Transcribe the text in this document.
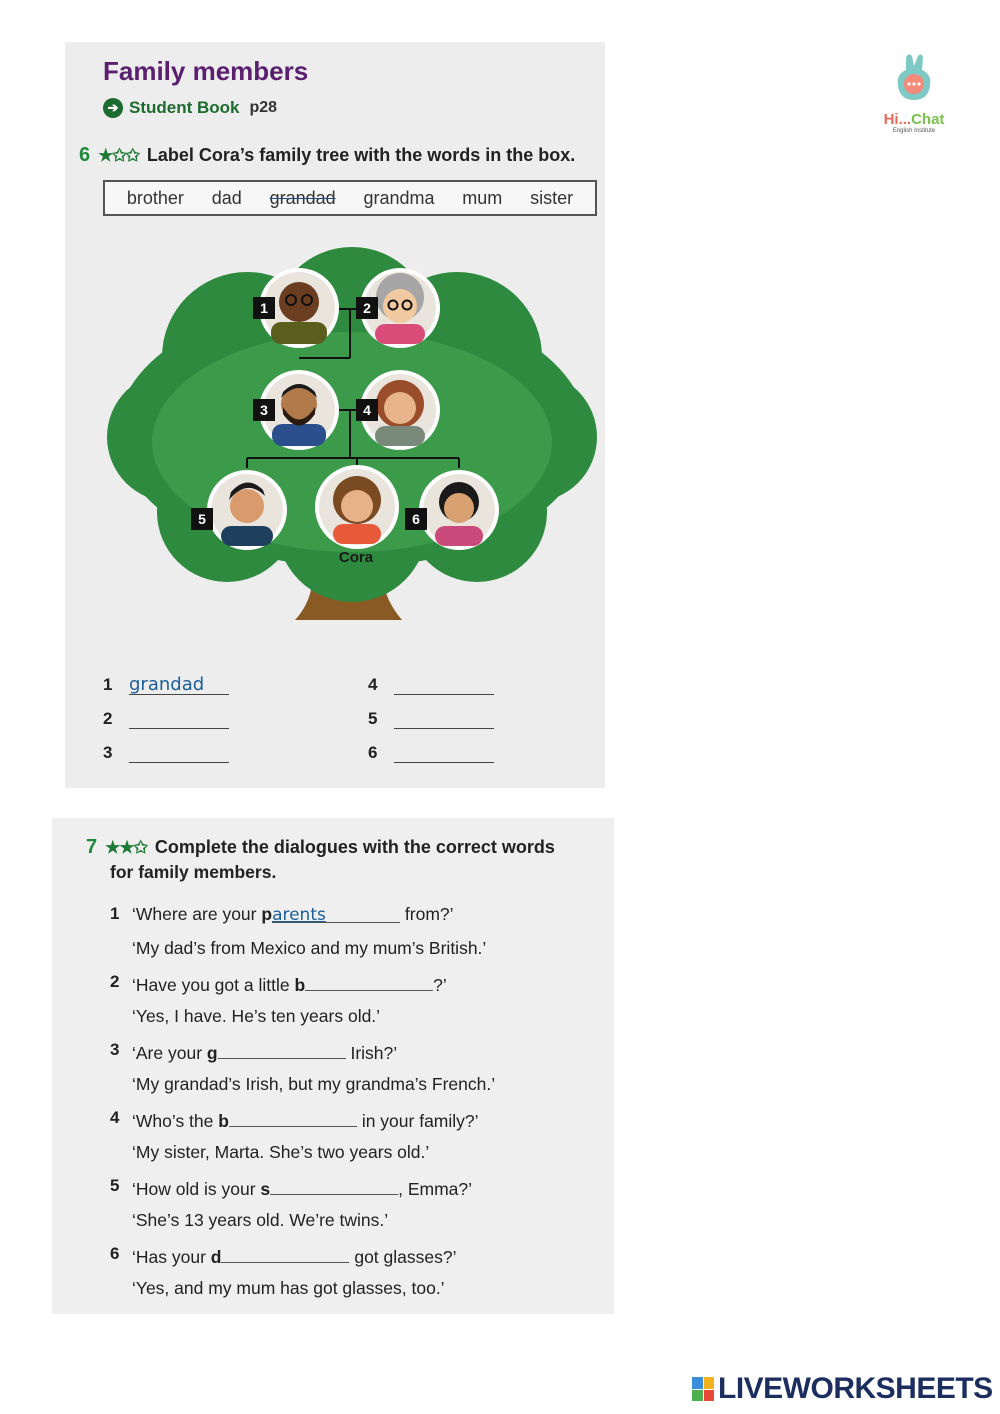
Family members
➔ Student Book p28
6 ★✩✩ Label Cora’s family tree with the words in the box.
brother dad grandad grandma mum sister
1	2
3	4
5	6
Cora
1 grandad
2
3
4
5
6
7 ★★✩ Complete the dialogues with the correct words
for family members.
1 ‘Where are your parents	from?’
‘My dad’s from Mexico and my mum’s British.’
2 ‘Have you got a little b	?’
‘Yes, I have. He’s ten years old.’
3 ‘Are your g	Irish?’
‘My grandad’s Irish, but my grandma’s French.’
4 ‘Who’s the b	in your family?’
‘My sister, Marta. She’s two years old.’
5 ‘How old is your s	, Emma?’
‘She’s 13 years old. We’re twins.’
6 ‘Has your d	got glasses?’
‘Yes, and my mum has got glasses, too.’
Hi...Chat
English Institute
LIVEWORKSHEETS
